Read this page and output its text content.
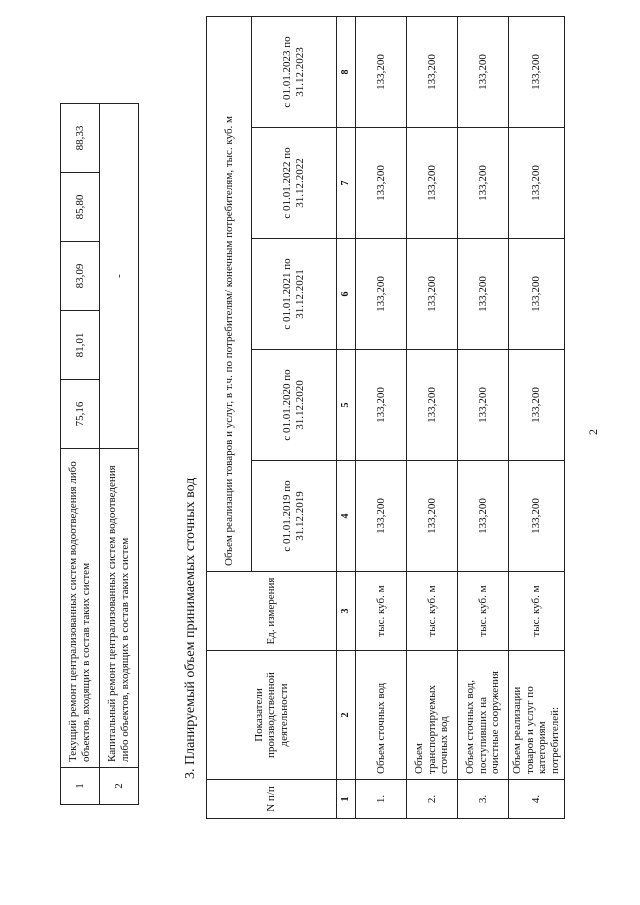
2
1	Текущий ремонт централизованных систем водоотведения либо объектов, входящих в состав таких систем	75,16	81,01	83,09	85,80	88,33
2	Капитальный ремонт централизованных систем водоотведения либо объектов, входящих в состав таких систем	-				
3. Планируемый объем принимаемых сточных вод
N п/п	Показатели производственной деятельности	Ед. измерения	Объем реализации товаров и услуг, в т.ч. по потребителям/ конечным потребителям, тыс. куб. м				
			с 01.01.2019 по 31.12.2019	с 01.01.2020 по 31.12.2020	с 01.01.2021 по 31.12.2021	с 01.01.2022 по 31.12.2022	с 01.01.2023 по 31.12.2023
1	2	3	4	5	6	7	8
1.	Объем сточных вод	тыс. куб. м	133,200	133,200	133,200	133,200	133,200
2.	Объем транспортируемых сточных вод	тыс. куб. м	133,200	133,200	133,200	133,200	133,200
3.	Объем сточных вод, поступивших на очистные сооружения	тыс. куб. м	133,200	133,200	133,200	133,200	133,200
4.	Объем реализации товаров и услуг по категориям потребителей:	тыс. куб. м	133,200	133,200	133,200	133,200	133,200
